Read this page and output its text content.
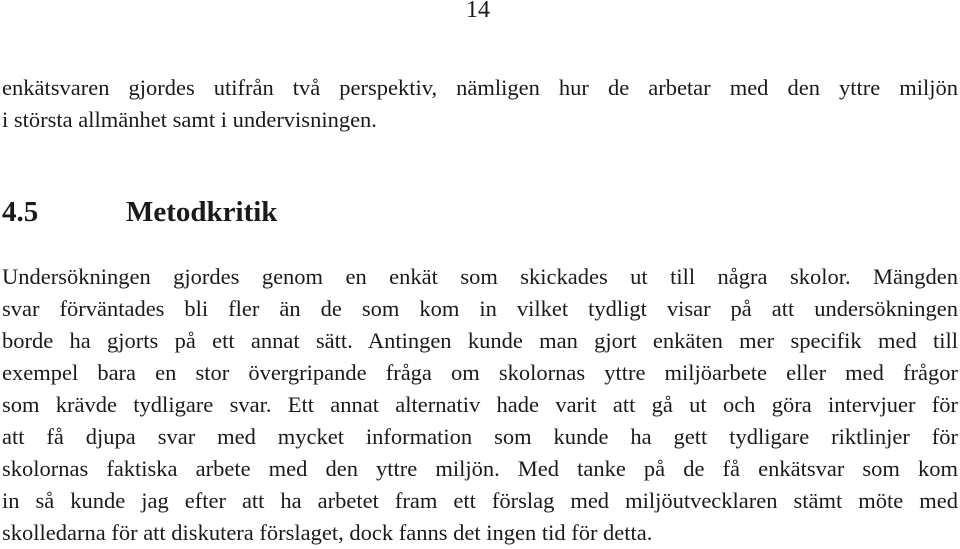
14
enkätsvaren gjordes utifrån två perspektiv, nämligen hur de arbetar med den yttre miljön
i största allmänhet samt i undervisningen.
4.5	Metodkritik
Undersökningen gjordes genom en enkät som skickades ut till några skolor. Mängden
svar förväntades bli fler än de som kom in vilket tydligt visar på att undersökningen
borde ha gjorts på ett annat sätt. Antingen kunde man gjort enkäten mer specifik med till
exempel bara en stor övergripande fråga om skolornas yttre miljöarbete eller med frågor
som krävde tydligare svar. Ett annat alternativ hade varit att gå ut och göra intervjuer för
att få djupa svar med mycket information som kunde ha gett tydligare riktlinjer för
skolornas faktiska arbete med den yttre miljön. Med tanke på de få enkätsvar som kom
in så kunde jag efter att ha arbetet fram ett förslag med miljöutvecklaren stämt möte med
skolledarna för att diskutera förslaget, dock fanns det ingen tid för detta.
